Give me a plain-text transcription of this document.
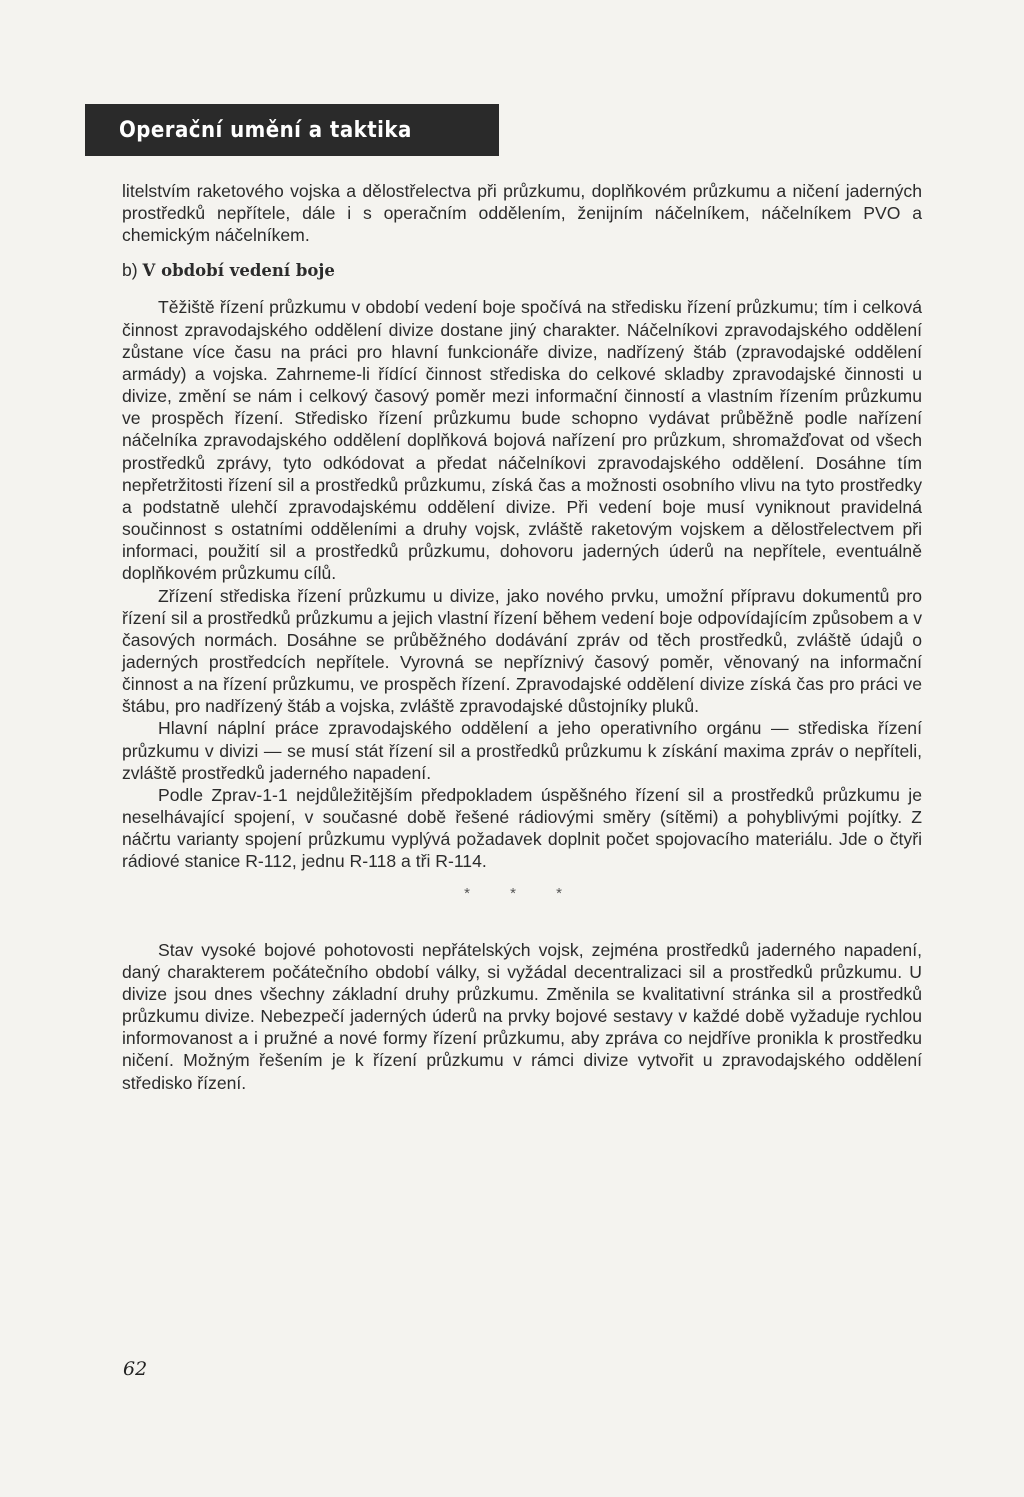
Operační umění a taktika

litelstvím raketového vojska a dělostřelectva při průzkumu, doplňkovém průzkumu a ničení jaderných prostředků nepřítele, dále i s operačním oddělením, ženijním náčelníkem, náčelníkem PVO a chemickým náčelníkem.

b) V období vedení boje

Těžiště řízení průzkumu v období vedení boje spočívá na středisku řízení průzkumu; tím i celková činnost zpravodajského oddělení divize dostane jiný charakter. Náčelníkovi zpravodajského oddělení zůstane více času na práci pro hlavní funkcionáře divize, nadřízený štáb (zpravodajské oddělení armády) a vojska. Zahrneme-li řídící činnost střediska do celkové skladby zpravodajské činnosti u divize, změní se nám i celkový časový poměr mezi informační činností a vlastním řízením průzkumu ve prospěch řízení. Středisko řízení průzkumu bude schopno vydávat průběžně podle nařízení náčelníka zpravodajského oddělení doplňková bojová nařízení pro průzkum, shromažďovat od všech prostředků zprávy, tyto odkódovat a předat náčelníkovi zpravodajského oddělení. Dosáhne tím nepřetržitosti řízení sil a prostředků průzkumu, získá čas a možnosti osobního vlivu na tyto prostředky a podstatně ulehčí zpravodajskému oddělení divize. Při vedení boje musí vyniknout pravidelná součinnost s ostatními odděleními a druhy vojsk, zvláště raketovým vojskem a dělostřelectvem při informaci, použití sil a prostředků průzkumu, dohovoru jaderných úderů na nepřítele, eventuálně doplňkovém průzkumu cílů.

Zřízení střediska řízení průzkumu u divize, jako nového prvku, umožní přípravu dokumentů pro řízení sil a prostředků průzkumu a jejich vlastní řízení během vedení boje odpovídajícím způsobem a v časových normách. Dosáhne se průběžného dodávání zpráv od těch prostředků, zvláště údajů o jaderných prostředcích nepřítele. Vyrovná se nepříznivý časový poměr, věnovaný na informační činnost a na řízení průzkumu, ve prospěch řízení. Zpravodajské oddělení divize získá čas pro práci ve štábu, pro nadřízený štáb a vojska, zvláště zpravodajské důstojníky pluků.

Hlavní náplní práce zpravodajského oddělení a jeho operativního orgánu — střediska řízení průzkumu v divizi — se musí stát řízení sil a prostředků průzkumu k získání maxima zpráv o nepříteli, zvláště prostředků jaderného napadení.

Podle Zprav-1-1 nejdůležitějším předpokladem úspěšného řízení sil a prostředků průzkumu je neselhávající spojení, v současné době řešené rádiovými směry (sítěmi) a pohyblivými pojítky. Z náčrtu varianty spojení průzkumu vyplývá požadavek doplnit počet spojovacího materiálu. Jde o čtyři rádiové stanice R-112, jednu R-118 a tři R-114.

* * *

Stav vysoké bojové pohotovosti nepřátelských vojsk, zejména prostředků jaderného napadení, daný charakterem počátečního období války, si vyžádal decentralizaci sil a prostředků průzkumu. U divize jsou dnes všechny základní druhy průzkumu. Změnila se kvalitativní stránka sil a prostředků průzkumu divize. Nebezpečí jaderných úderů na prvky bojové sestavy v každé době vyžaduje rychlou informovanost a i pružné a nové formy řízení průzkumu, aby zpráva co nejdříve pronikla k prostředku ničení. Možným řešením je k řízení průzkumu v rámci divize vytvořit u zpravodajského oddělení středisko řízení.

62
